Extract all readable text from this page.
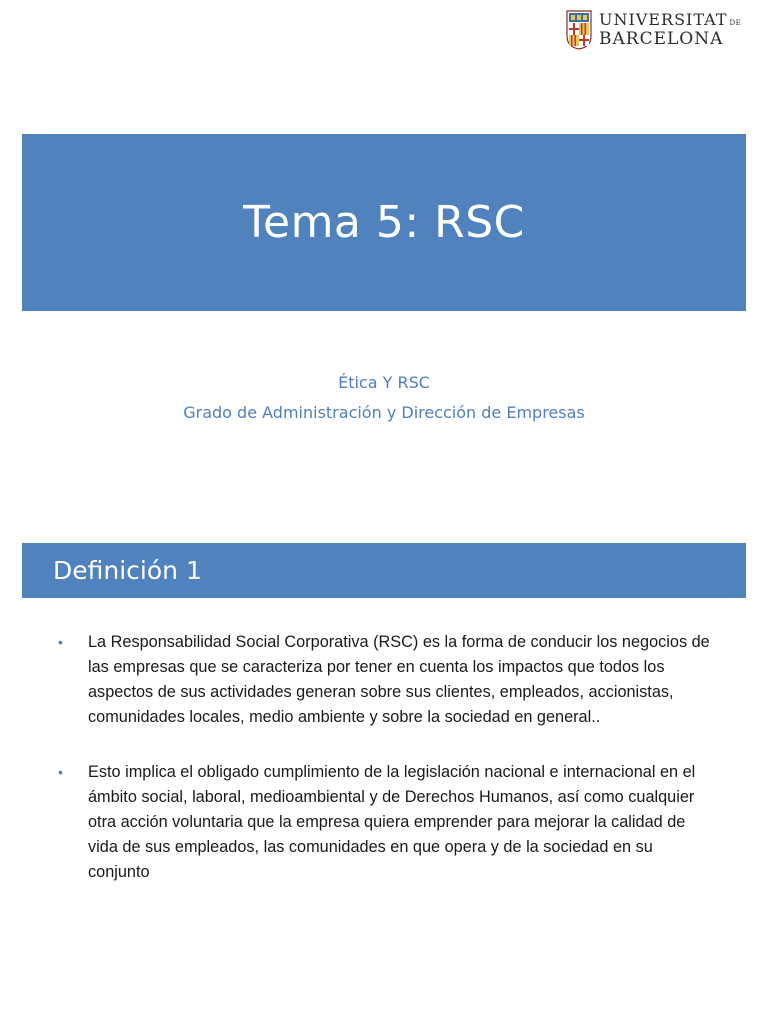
UNIVERSITAT DE
BARCELONA
Tema 5: RSC
Ética Y RSC
Grado de Administración y Dirección de Empresas
Definición 1
• La Responsabilidad Social Corporativa (RSC) es la forma de conducir los negocios de las empresas que se caracteriza por tener en cuenta los impactos que todos los aspectos de sus actividades generan sobre sus clientes, empleados, accionistas, comunidades locales, medio ambiente y sobre la sociedad en general..
• Esto implica el obligado cumplimiento de la legislación nacional e internacional en el ámbito social, laboral, medioambiental y de Derechos Humanos, así como cualquier otra acción voluntaria que la empresa quiera emprender para mejorar la calidad de vida de sus empleados, las comunidades en que opera y de la sociedad en su conjunto
